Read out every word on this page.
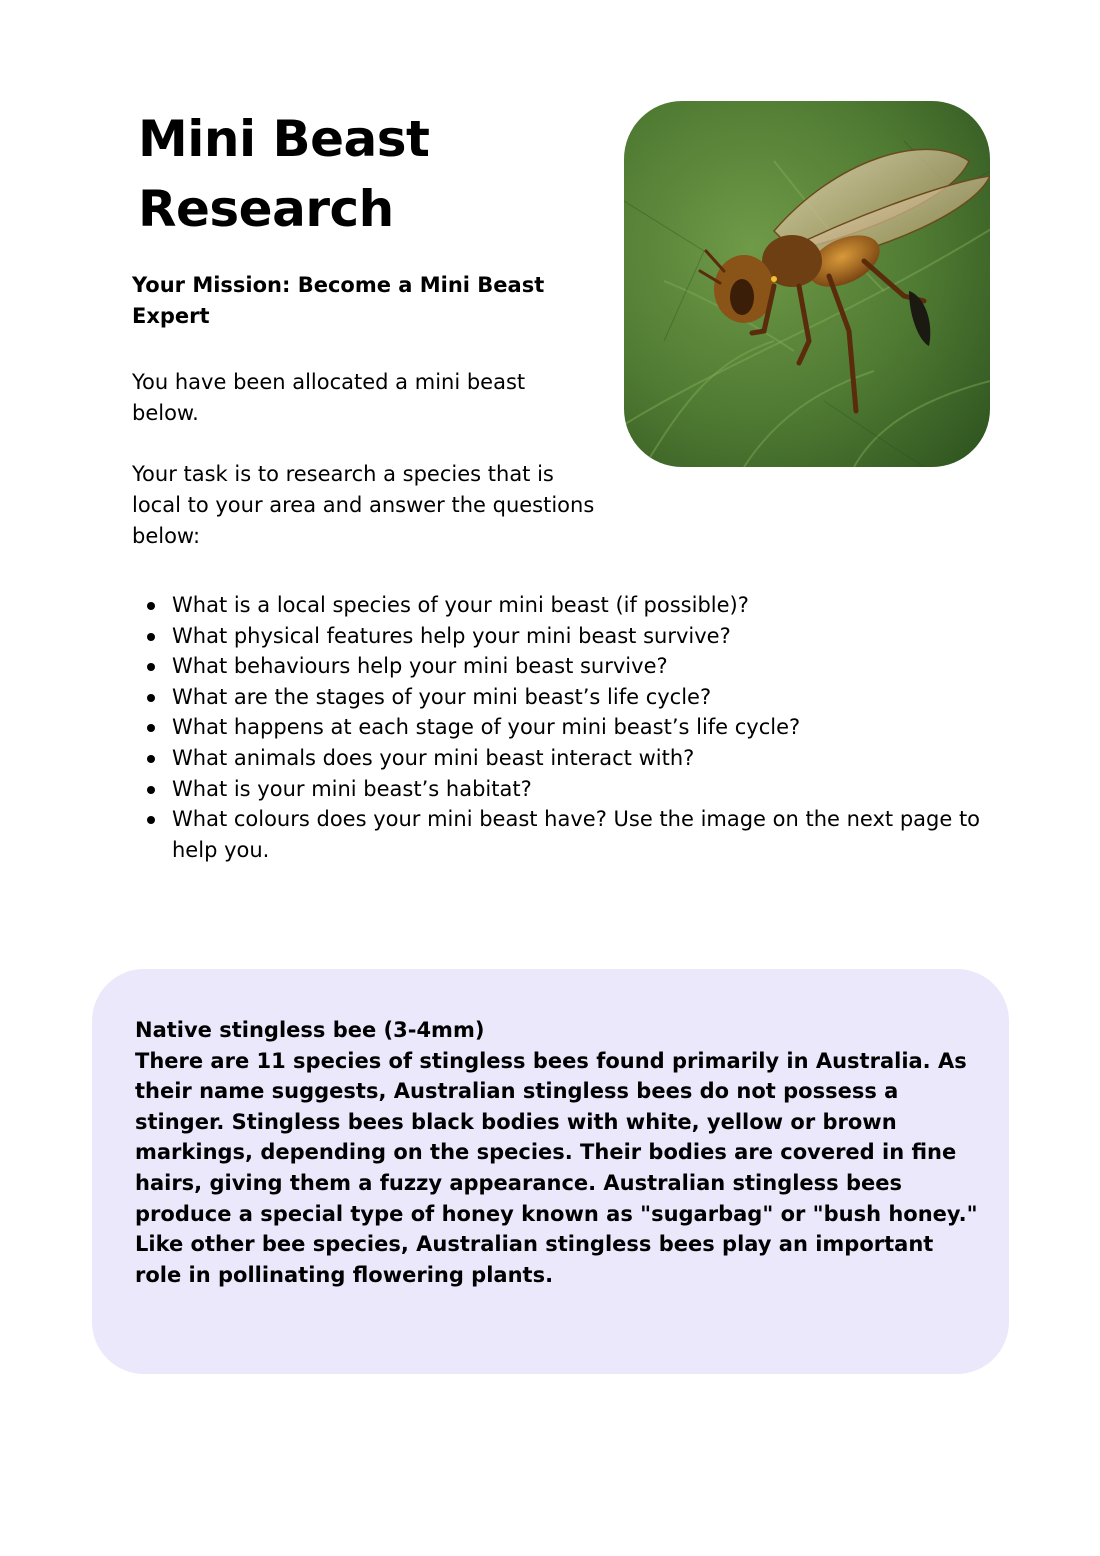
Mini Beast Research

Your Mission: Become a Mini Beast Expert

You have been allocated a mini beast below.

Your task is to research a species that is local to your area and answer the questions below:

What is a local species of your mini beast (if possible)?
What physical features help your mini beast survive?
What behaviours help your mini beast survive?
What are the stages of your mini beast’s life cycle?
What happens at each stage of your mini beast’s life cycle?
What animals does your mini beast interact with?
What is your mini beast’s habitat?
What colours does your mini beast have? Use the image on the next page to help you.
Native stingless bee (3-4mm)
There are 11 species of stingless bees found primarily in Australia. As their name suggests, Australian stingless bees do not possess a stinger. Stingless bees black bodies with white, yellow or brown markings, depending on the species. Their bodies are covered in fine hairs, giving them a fuzzy appearance. Australian stingless bees produce a special type of honey known as "sugarbag" or "bush honey." Like other bee species, Australian stingless bees play an important role in pollinating flowering plants.
